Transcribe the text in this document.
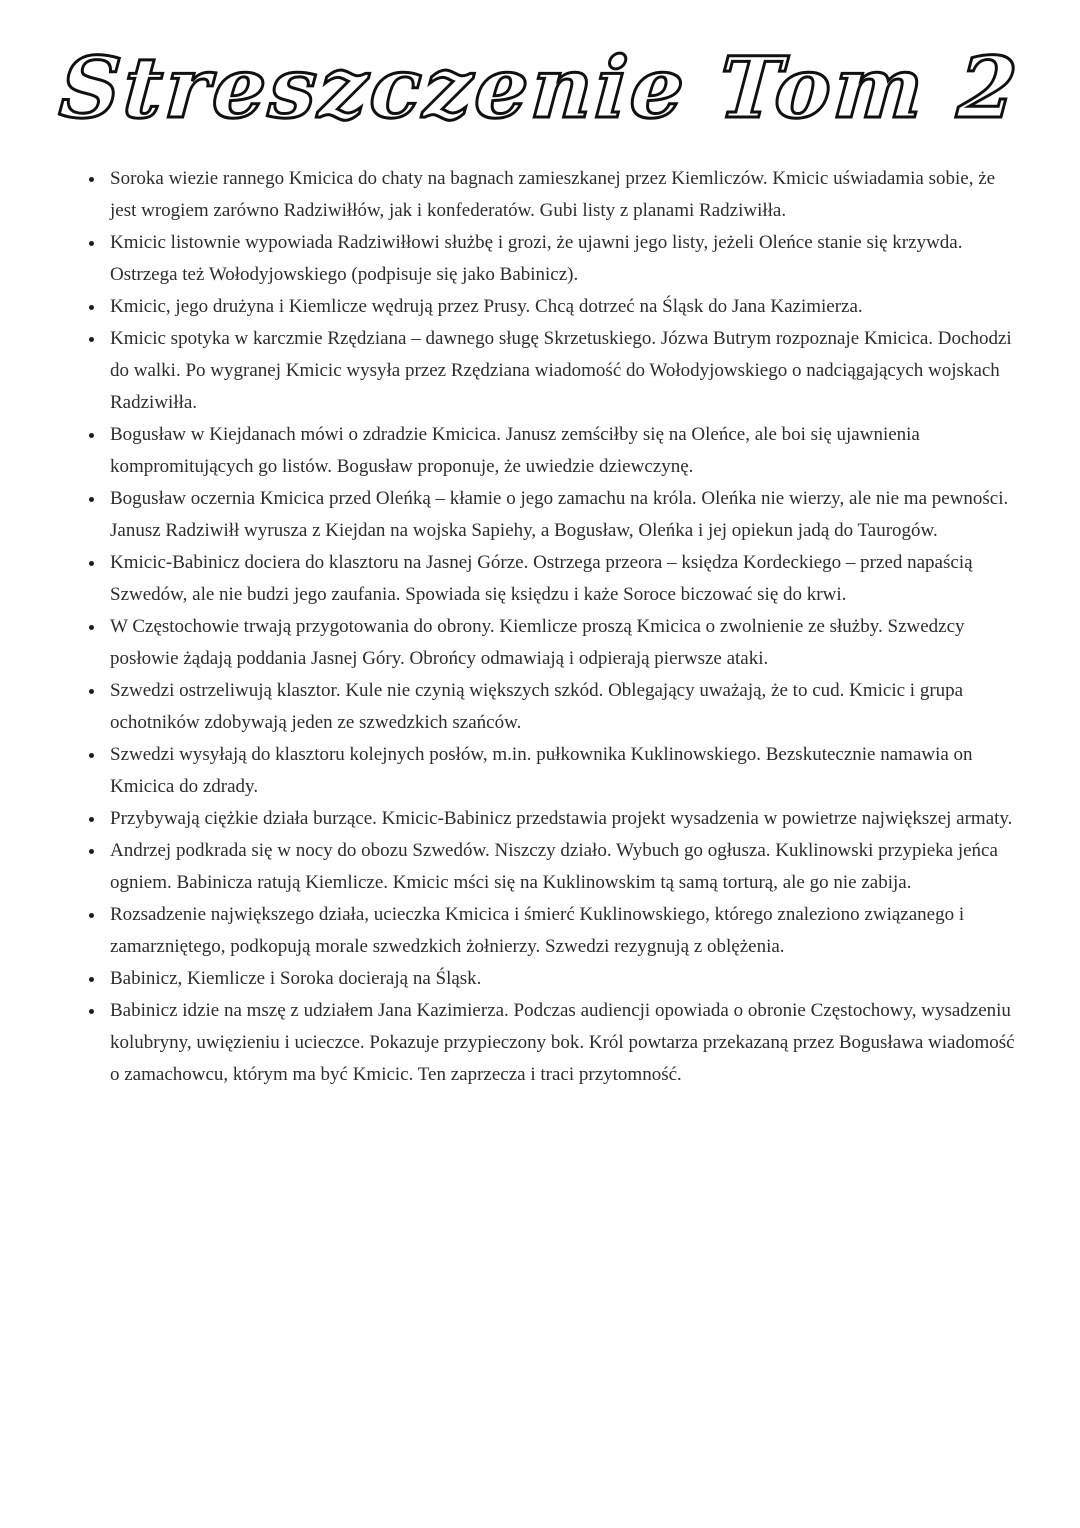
Streszczenie Tom 2
• Soroka wiezie rannego Kmicica do chaty na bagnach zamieszkanej przez Kiemliczów. Kmicic uświadamia sobie, że jest wrogiem zarówno Radziwiłłów, jak i konfederatów. Gubi listy z planami Radziwiłła.
• Kmicic listownie wypowiada Radziwiłłowi służbę i grozi, że ujawni jego listy, jeżeli Oleńce stanie się krzywda. Ostrzega też Wołodyjowskiego (podpisuje się jako Babinicz).
• Kmicic, jego drużyna i Kiemlicze wędrują przez Prusy. Chcą dotrzeć na Śląsk do Jana Kazimierza.
• Kmicic spotyka w karczmie Rzędziana – dawnego sługę Skrzetuskiego. Józwa Butrym rozpoznaje Kmicica. Dochodzi do walki. Po wygranej Kmicic wysyła przez Rzędziana wiadomość do Wołodyjowskiego o nadciągających wojskach Radziwiłła.
• Bogusław w Kiejdanach mówi o zdradzie Kmicica. Janusz zemściłby się na Oleńce, ale boi się ujawnienia kompromitujących go listów. Bogusław proponuje, że uwiedzie dziewczynę.
• Bogusław oczernia Kmicica przed Oleńką – kłamie o jego zamachu na króla. Oleńka nie wierzy, ale nie ma pewności. Janusz Radziwiłł wyrusza z Kiejdan na wojska Sapiehy, a Bogusław, Oleńka i jej opiekun jadą do Taurogów.
• Kmicic-Babinicz dociera do klasztoru na Jasnej Górze. Ostrzega przeora – księdza Kordeckiego – przed napaścią Szwedów, ale nie budzi jego zaufania. Spowiada się księdzu i każe Soroce biczować się do krwi.
• W Częstochowie trwają przygotowania do obrony. Kiemlicze proszą Kmicica o zwolnienie ze służby. Szwedzcy posłowie żądają poddania Jasnej Góry. Obrońcy odmawiają i odpierają pierwsze ataki.
• Szwedzi ostrzeliwują klasztor. Kule nie czynią większych szkód. Oblegający uważają, że to cud. Kmicic i grupa ochotników zdobywają jeden ze szwedzkich szańców.
• Szwedzi wysyłają do klasztoru kolejnych posłów, m.in. pułkownika Kuklinowskiego. Bezskutecznie namawia on Kmicica do zdrady.
• Przybywają ciężkie działa burzące. Kmicic-Babinicz przedstawia projekt wysadzenia w powietrze największej armaty.
• Andrzej podkrada się w nocy do obozu Szwedów. Niszczy działo. Wybuch go ogłusza. Kuklinowski przypieka jeńca ogniem. Babinicza ratują Kiemlicze. Kmicic mści się na Kuklinowskim tą samą torturą, ale go nie zabija.
• Rozsadzenie największego działa, ucieczka Kmicica i śmierć Kuklinowskiego, którego znaleziono związanego i zamarzniętego, podkopują morale szwedzkich żołnierzy. Szwedzi rezygnują z oblężenia.
• Babinicz, Kiemlicze i Soroka docierają na Śląsk.
• Babinicz idzie na mszę z udziałem Jana Kazimierza. Podczas audiencji opowiada o obronie Częstochowy, wysadzeniu kolubryny, uwięzieniu i ucieczce. Pokazuje przypieczony bok. Król powtarza przekazaną przez Bogusława wiadomość o zamachowcu, którym ma być Kmicic. Ten zaprzecza i traci przytomność.
